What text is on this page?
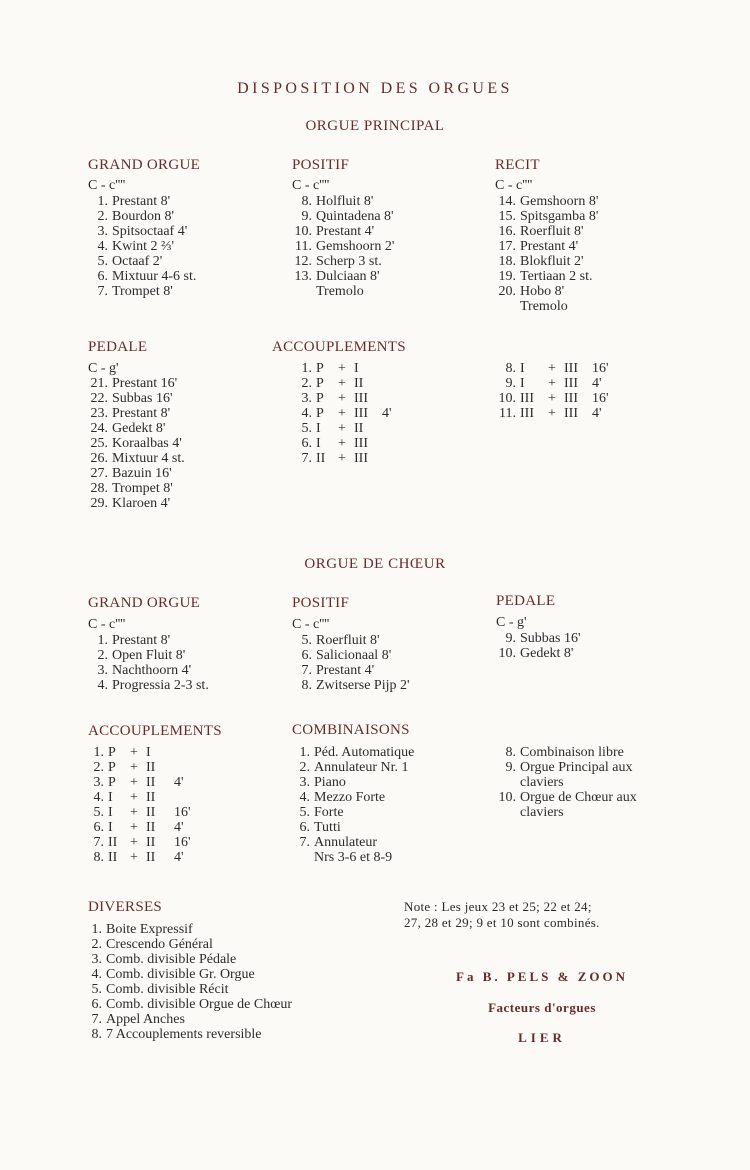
DISPOSITION DES ORGUES
ORGUE PRINCIPAL
GRAND ORGUE
C - c''''
1. Prestant 8'
2. Bourdon 8'
3. Spitsoctaaf 4'
4. Kwint 2 ⅔'
5. Octaaf 2'
6. Mixtuur 4-6 st.
7. Trompet 8'
POSITIF
C - c''''
8. Holfluit 8'
9. Quintadena 8'
10. Prestant 4'
11. Gemshoorn 2'
12. Scherp 3 st.
13. Dulciaan 8'
Tremolo
RECIT
C - c''''
14. Gemshoorn 8'
15. Spitsgamba 8'
16. Roerfluit 8'
17. Prestant 4'
18. Blokfluit 2'
19. Tertiaan 2 st.
20. Hobo 8'
Tremolo
PEDALE
C - g'
21. Prestant 16'
22. Subbas 16'
23. Prestant 8'
24. Gedekt 8'
25. Koraalbas 4'
26. Mixtuur 4 st.
27. Bazuin 16'
28. Trompet 8'
29. Klaroen 4'
ACCOUPLEMENTS
1. P + I
2. P + II
3. P + III
4. P + III 4'
5. I + II
6. I + III
7. II + III
8. I + III 16'
9. I + III 4'
10. III + III 16'
11. III + III 4'
ORGUE DE CHŒUR
GRAND ORGUE
C - c''''
1. Prestant 8'
2. Open Fluit 8'
3. Nachthoorn 4'
4. Progressia 2-3 st.
POSITIF
C - c''''
5. Roerfluit 8'
6. Salicionaal 8'
7. Prestant 4'
8. Zwitserse Pijp 2'
PEDALE
C - g'
9. Subbas 16'
10. Gedekt 8'
ACCOUPLEMENTS
1. P + I
2. P + II
3. P + II 4'
4. I + II
5. I + II 16'
6. I + II 4'
7. II + II 16'
8. II + II 4'
COMBINAISONS
1. Péd. Automatique
2. Annulateur Nr. 1
3. Piano
4. Mezzo Forte
5. Forte
6. Tutti
7. Annulateur
Nrs 3-6 et 8-9
8. Combinaison libre
9. Orgue Principal aux
claviers
10. Orgue de Chœur aux
claviers
DIVERSES
1. Boite Expressif
2. Crescendo Général
3. Comb. divisible Pédale
4. Comb. divisible Gr. Orgue
5. Comb. divisible Récit
6. Comb. divisible Orgue de Chœur
7. Appel Anches
8. 7 Accouplements reversible
Note : Les jeux 23 et 25; 22 et 24;
27, 28 et 29; 9 et 10 sont combinés.
Fa B. PELS & ZOON
Facteurs d'orgues
LIER
